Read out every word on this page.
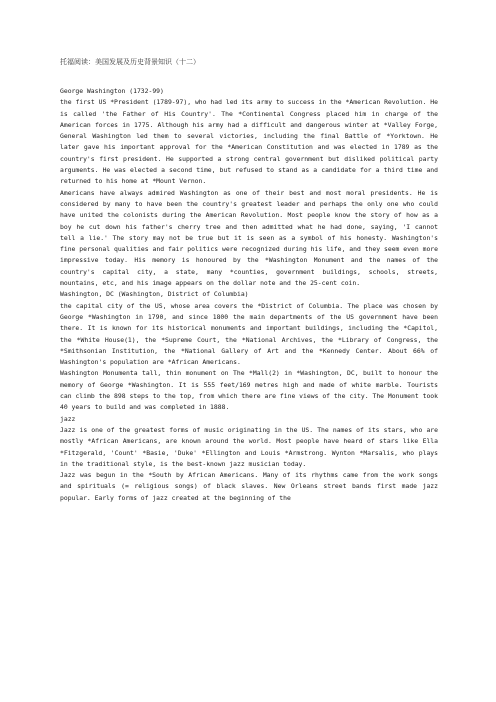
托福阅读：美国发展及历史背景知识（十二）

George Washington (1732-99)

the first US *President (1789-97), who had led its army to success in the *American Revolution. He is called 'the Father of His Country'. The *Continental Congress placed him in charge of the American forces in 1775. Although his army had a difficult and dangerous winter at *Valley Forge, General Washington led them to several victories, including the final Battle of *Yorktown. He later gave his important approval for the *American Constitution and was elected in 1789 as the country's first president. He supported a strong central government but disliked political party arguments. He was elected a second time, but refused to stand as a candidate for a third time and returned to his home at *Mount Vernon.

Americans have always admired Washington as one of their best and most moral presidents. He is considered by many to have been the country's greatest leader and perhaps the only one who could have united the colonists during the American Revolution. Most people know the story of how as a boy he cut down his father's cherry tree and then admitted what he had done, saying, 'I cannot tell a lie.' The story may not be true but it is seen as a symbol of his honesty. Washington's fine personal qualities and fair politics were recognized during his life, and they seem even more impressive today. His memory is honoured by the *Washington Monument and the names of the country's capital city, a state, many *counties, government buildings, schools, streets, mountains, etc, and his image appears on the dollar note and the 25-cent coin.

Washington, DC (Washington, District of Columbia)

the capital city of the US, whose area covers the *District of Columbia. The place was chosen by George *Washington in 1790, and since 1800 the main departments of the US government have been there. It is known for its historical monuments and important buildings, including the *Capitol, the *White House(1), the *Supreme Court, the *National Archives, the *Library of Congress, the *Smithsonian Institution, the *National Gallery of Art and the *Kennedy Center. About 66% of Washington's population are *African Americans.

Washington Monumenta tall, thin monument on The *Mall(2) in *Washington, DC, built to honour the memory of George *Washington. It is 555 feet/169 metres high and made of white marble. Tourists can climb the 898 steps to the top, from which there are fine views of the city. The Monument took 40 years to build and was completed in 1888.

jazz

Jazz is one of the greatest forms of music originating in the US. The names of its stars, who are mostly *African Americans, are known around the world. Most people have heard of stars like Ella *Fitzgerald, 'Count' *Basie, 'Duke' *Ellington and Louis *Armstrong. Wynton *Marsalis, who plays in the traditional style, is the best-known jazz musician today.

Jazz was begun in the *South by African Americans. Many of its rhythms came from the work songs and spirituals (= religious songs) of black slaves. New Orleans street bands first made jazz popular. Early forms of jazz created at the beginning of the
